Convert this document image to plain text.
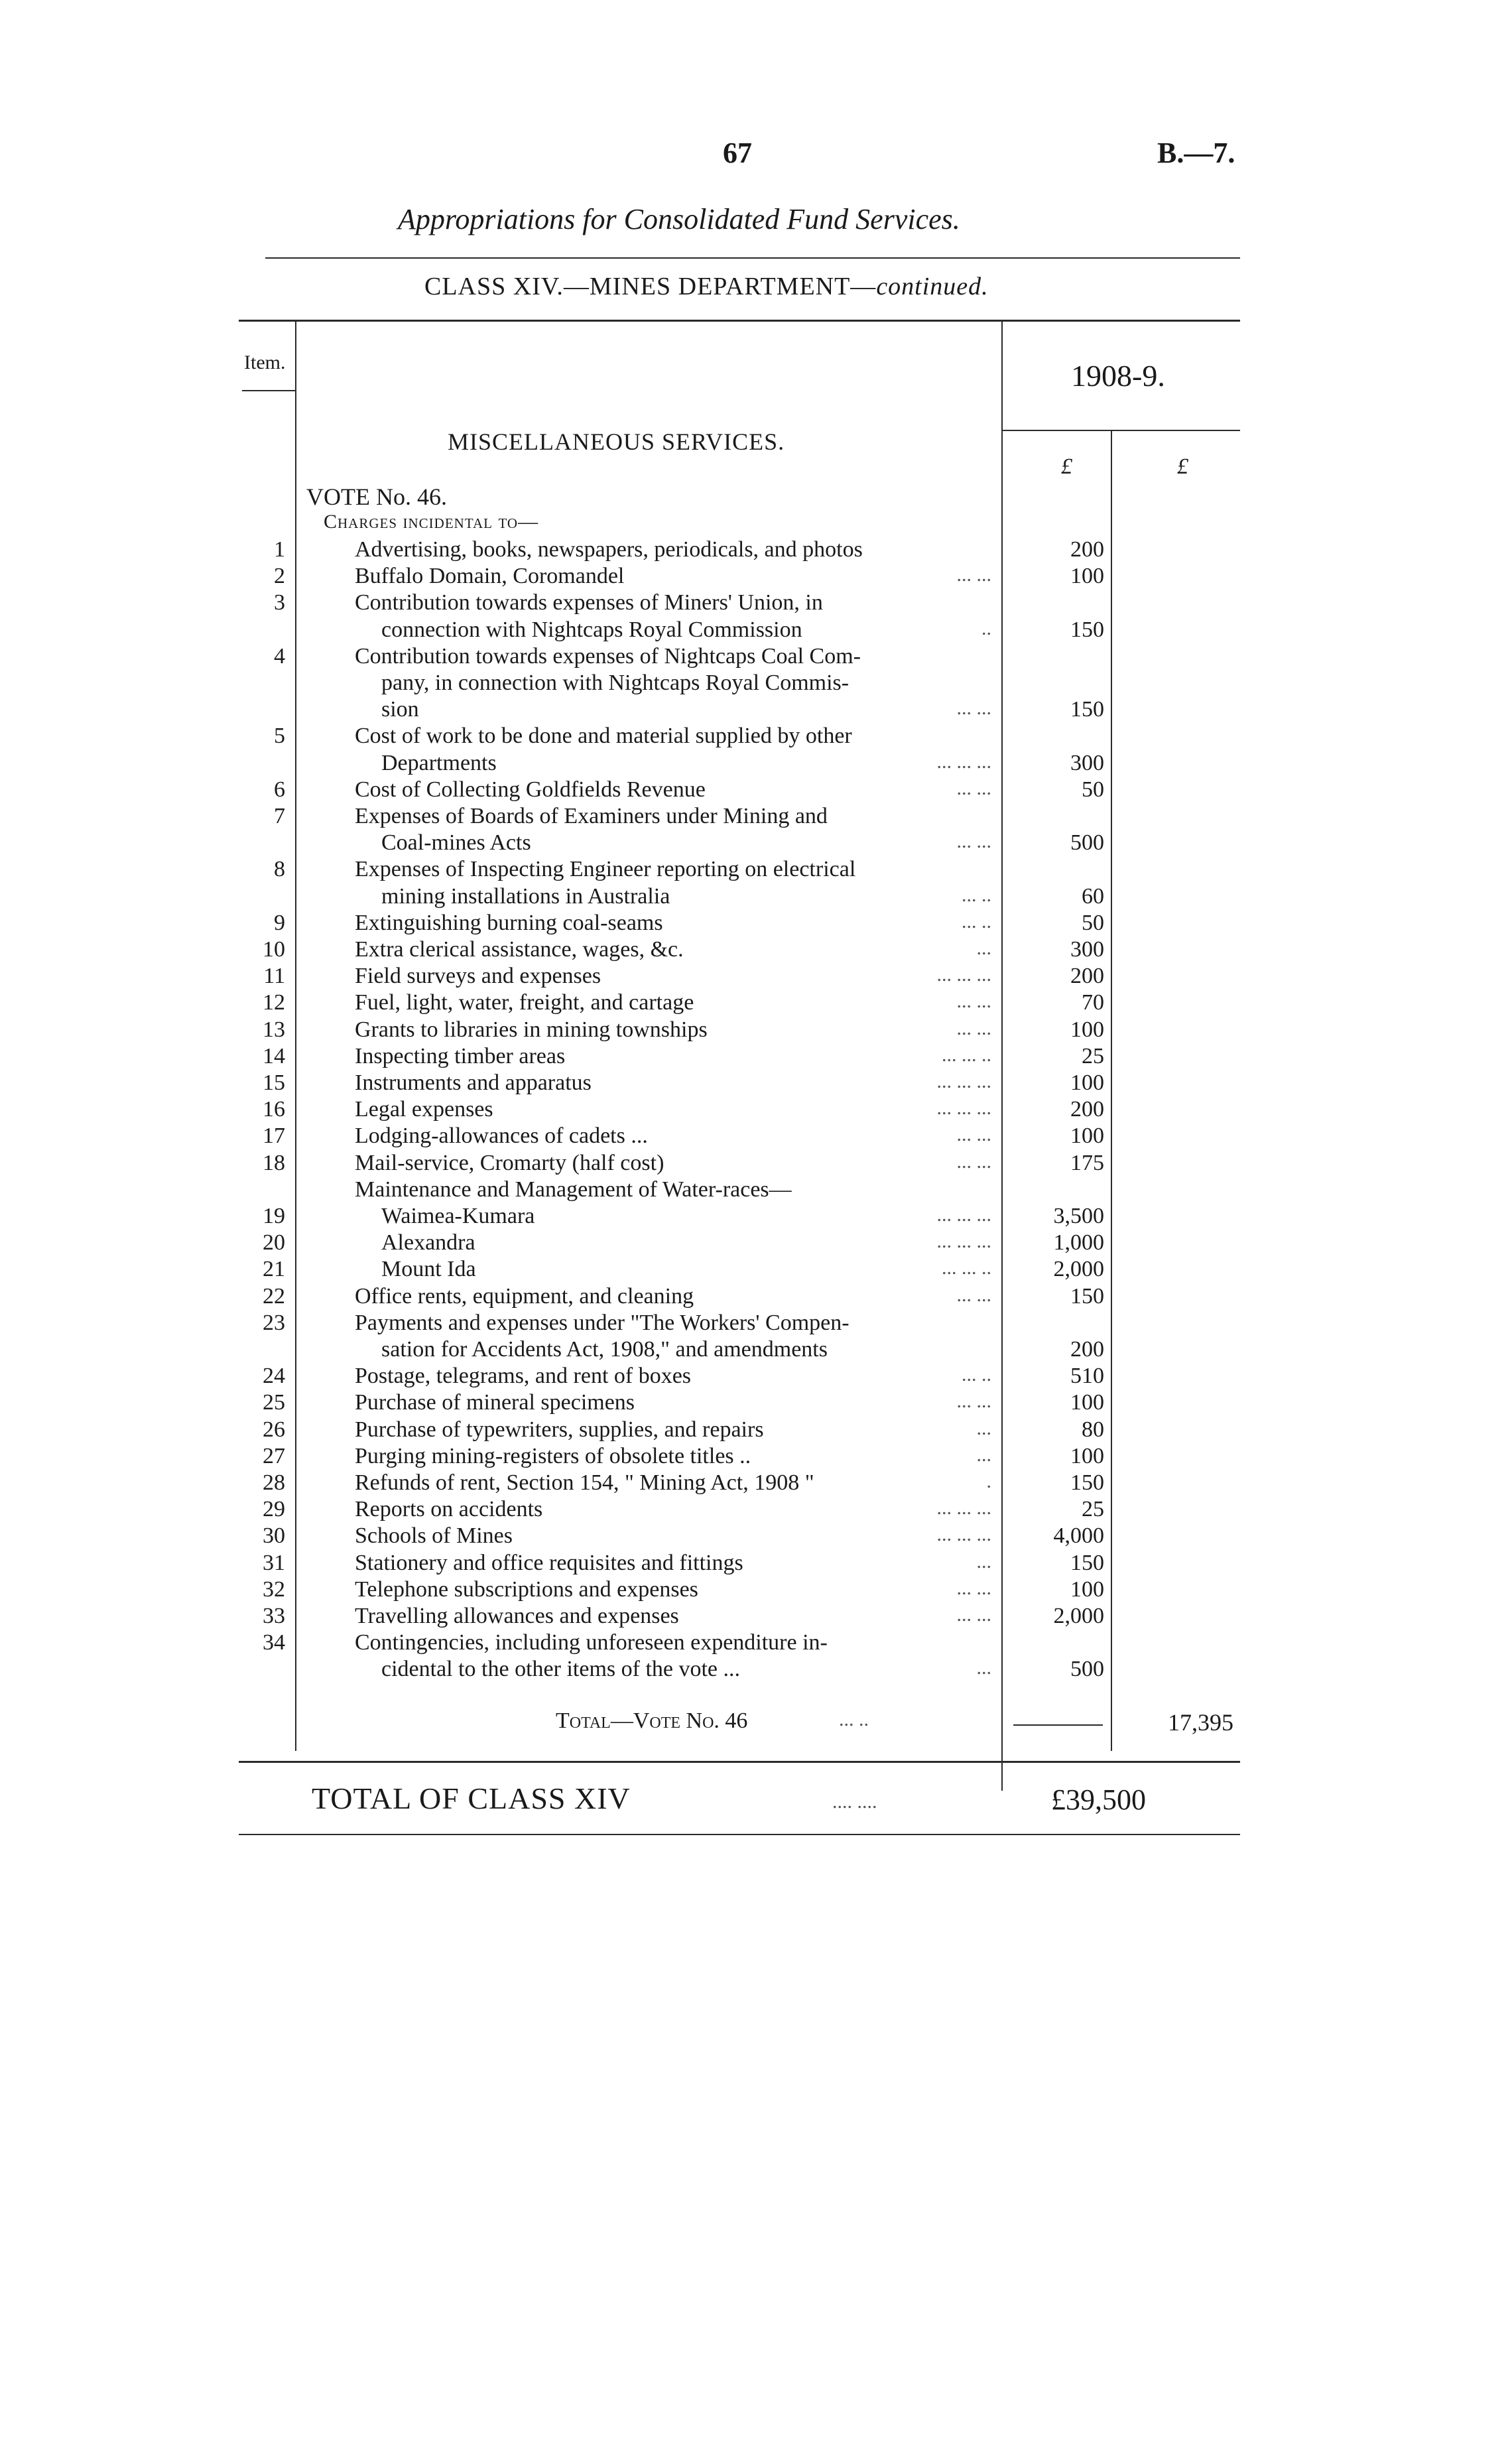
67	B.—7.
Appropriations for Consolidated Fund Services.
CLASS XIV.—MINES DEPARTMENT—continued.
Item.	1908-9.
£	£
MISCELLANEOUS SERVICES.
VOTE No. 46.
Charges incidental to—
1	Advertising, books, newspapers, periodicals, and photos	200
2	Buffalo Domain, Coromandel	... ...	100
3	Contribution towards expenses of Miners' Union, in
connection with Nightcaps Royal Commission	..	150
4	Contribution towards expenses of Nightcaps Coal Com-
pany, in connection with Nightcaps Royal Commis-
sion	... ...	150
5	Cost of work to be done and material supplied by other
Departments	... ... ...	300
6	Cost of Collecting Goldfields Revenue	... ...	50
7	Expenses of Boards of Examiners under Mining and
Coal-mines Acts	... ...	500
8	Expenses of Inspecting Engineer reporting on electrical
mining installations in Australia	... ..	60
9	Extinguishing burning coal-seams	... ..	50
10	Extra clerical assistance, wages, &c.	...	300
11	Field surveys and expenses	... ... ...	200
12	Fuel, light, water, freight, and cartage	... ...	70
13	Grants to libraries in mining townships	... ...	100
14	Inspecting timber areas	... ... ..	25
15	Instruments and apparatus	... ... ...	100
16	Legal expenses	... ... ...	200
17	Lodging-allowances of cadets ...	... ...	100
18	Mail-service, Cromarty (half cost)	... ...	175
Maintenance and Management of Water-races—
19	Waimea-Kumara	... ... ...	3,500
20	Alexandra	... ... ...	1,000
21	Mount Ida	... ... ..	2,000
22	Office rents, equipment, and cleaning	... ...	150
23	Payments and expenses under "The Workers' Compen-
sation for Accidents Act, 1908," and amendments	200
24	Postage, telegrams, and rent of boxes	... ..	510
25	Purchase of mineral specimens	... ...	100
26	Purchase of typewriters, supplies, and repairs	...	80
27	Purging mining-registers of obsolete titles ..	...	100
28	Refunds of rent, Section 154, " Mining Act, 1908 "	.	150
29	Reports on accidents	... ... ...	25
30	Schools of Mines	... ... ...	4,000
31	Stationery and office requisites and fittings	...	150
32	Telephone subscriptions and expenses	... ...	100
33	Travelling allowances and expenses	... ...	2,000
34	Contingencies, including unforeseen expenditure in-
cidental to the other items of the vote ...	...	500
Total—Vote No. 46	... ..	17,395
TOTAL OF CLASS XIV	.... ....	£39,500
